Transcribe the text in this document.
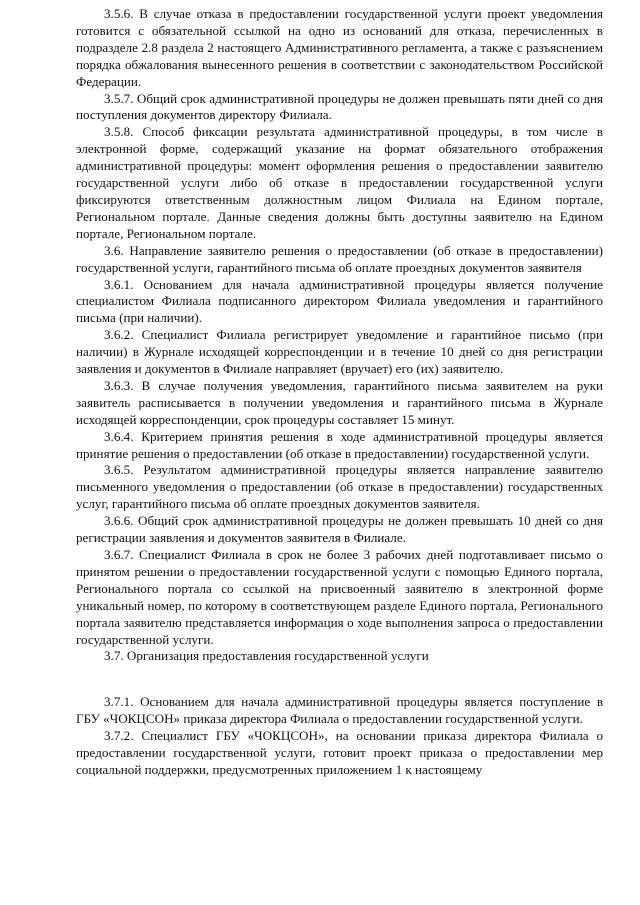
3.5.6. В случае отказа в предоставлении государственной услуги проект уведомления готовится с обязательной ссылкой на одно из оснований для отказа, перечисленных в подразделе 2.8 раздела 2 настоящего Административного регламента, а также с разъяснением порядка обжалования вынесенного решения в соответствии с законодательством Российской Федерации.

3.5.7. Общий срок административной процедуры не должен превышать пяти дней со дня поступления документов директору Филиала.

3.5.8. Способ фиксации результата административной процедуры, в том числе в электронной форме, содержащий указание на формат обязательного отображения административной процедуры: момент оформления решения о предоставлении заявителю государственной услуги либо об отказе в предоставлении государственной услуги фиксируются ответственным должностным лицом Филиала на Едином портале, Региональном портале. Данные сведения должны быть доступны заявителю на Едином портале, Региональном портале.

3.6. Направление заявителю решения о предоставлении (об отказе в предоставлении) государственной услуги, гарантийного письма об оплате проездных документов заявителя

3.6.1. Основанием для начала административной процедуры является получение специалистом Филиала подписанного директором Филиала уведомления и гарантийного письма (при наличии).

3.6.2. Специалист Филиала регистрирует уведомление и гарантийное письмо (при наличии) в Журнале исходящей корреспонденции и в течение 10 дней со дня регистрации заявления и документов в Филиале направляет (вручает) его (их) заявителю.

3.6.3. В случае получения уведомления, гарантийного письма заявителем на руки заявитель расписывается в получении уведомления и гарантийного письма в Журнале исходящей корреспонденции, срок процедуры составляет 15 минут.

3.6.4. Критерием принятия решения в ходе административной процедуры является принятие решения о предоставлении (об отказе в предоставлении) государственной услуги.

3.6.5. Результатом административной процедуры является направление заявителю письменного уведомления о предоставлении (об отказе в предоставлении) государственных услуг, гарантийного письма об оплате проездных документов заявителя.

3.6.6. Общий срок административной процедуры не должен превышать 10 дней со дня регистрации заявления и документов заявителя в Филиале.

3.6.7. Специалист Филиала в срок не более 3 рабочих дней подготавливает письмо о принятом решении о предоставлении государственной услуги с помощью Единого портала, Регионального портала со ссылкой на присвоенный заявителю в электронной форме уникальный номер, по которому в соответствующем разделе Единого портала, Регионального портала заявителю представляется информация о ходе выполнения запроса о предоставлении государственной услуги.

3.7. Организация предоставления государственной услуги

3.7.1. Основанием для начала административной процедуры является поступление в ГБУ «ЧОКЦСОН» приказа директора Филиала о предоставлении государственной услуги.

3.7.2. Специалист ГБУ «ЧОКЦСОН», на основании приказа директора Филиала о предоставлении государственной услуги, готовит проект приказа о предоставлении мер социальной поддержки, предусмотренных приложением 1 к настоящему
